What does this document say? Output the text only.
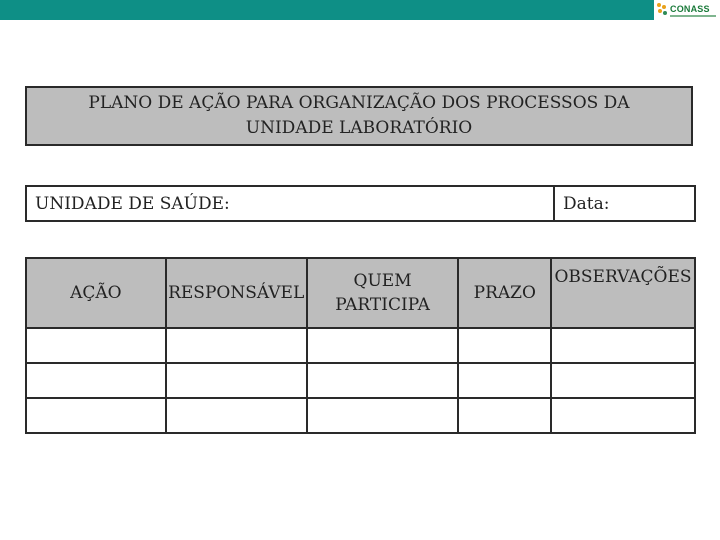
CONASS
PLANO DE AÇÃO PARA ORGANIZAÇÃO DOS PROCESSOS DA UNIDADE LABORATÓRIO
UNIDADE DE SAÚDE:	Data:
AÇÃO	RESPONSÁVEL	QUEM PARTICIPA	PRAZO	OBSERVAÇÕES
